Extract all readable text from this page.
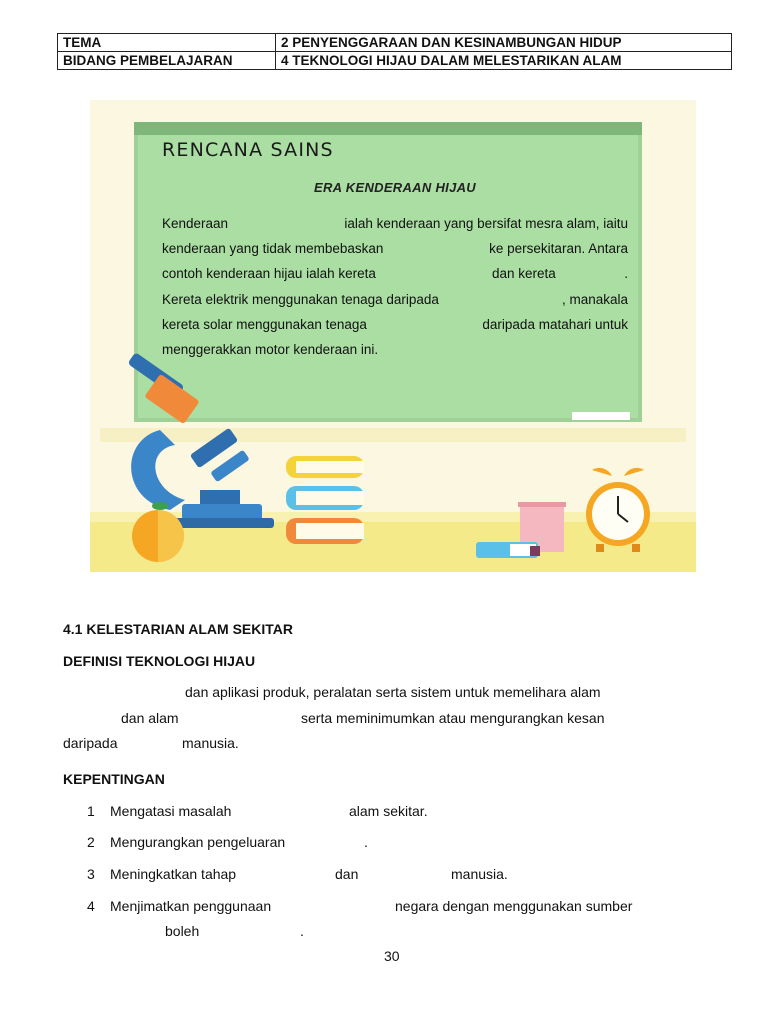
TEMA	2 PENYENGGARAAN DAN KESINAMBUNGAN HIDUP
BIDANG PEMBELAJARAN	4 TEKNOLOGI HIJAU DALAM MELESTARIKAN ALAM
RENCANA SAINS
ERA KENDERAAN HIJAU
Kenderaan	ialah kenderaan yang bersifat mesra alam, iaitu
kenderaan yang tidak membebaskan	ke persekitaran. Antara
contoh kenderaan hijau ialah kereta	dan kereta	.
Kereta elektrik menggunakan tenaga daripada	, manakala
kereta solar menggunakan tenaga	daripada matahari untuk
menggerakkan motor kenderaan ini.
4.1 KELESTARIAN ALAM SEKITAR
DEFINISI TEKNOLOGI HIJAU
dan aplikasi produk, peralatan serta sistem untuk memelihara alam
dan alam	serta meminimumkan atau mengurangkan kesan
daripada	manusia.
KEPENTINGAN
1 Mengatasi masalah	alam sekitar.
2 Mengurangkan pengeluaran	.
3 Meningkatkan tahap	dan	manusia.
4 Menjimatkan penggunaan	negara dengan menggunakan sumber
boleh	.
30
